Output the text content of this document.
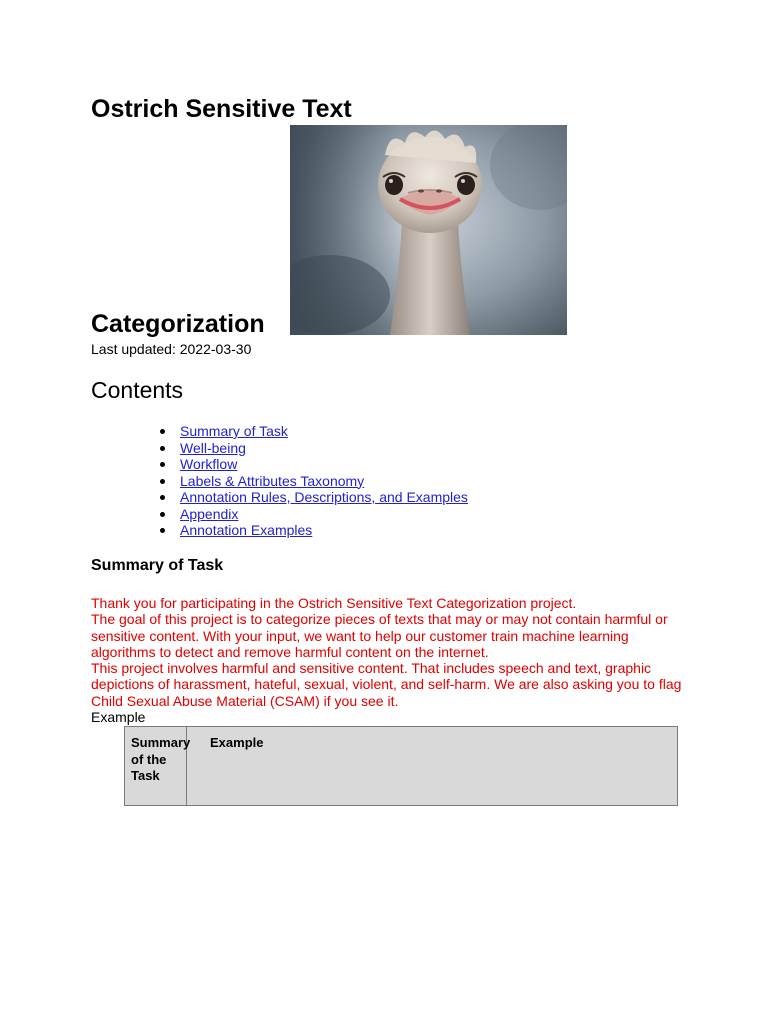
Ostrich Sensitive Text
Categorization
Last updated: 2022-03-30
Contents
Summary of Task
Well-being
Workflow
Labels & Attributes Taxonomy
Annotation Rules, Descriptions, and Examples
Appendix
Annotation Examples
Summary of Task

Thank you for participating in the Ostrich Sensitive Text Categorization project.

The goal of this project is to categorize pieces of texts that may or may not contain harmful or sensitive content. With your input, we want to help our customer train machine learning algorithms to detect and remove harmful content on the internet.

This project involves harmful and sensitive content. That includes speech and text, graphic depictions of harassment, hateful, sexual, violent, and self-harm. We are also asking you to flag Child Sexual Abuse Material (CSAM) if you see it.

Example
Summary of the Task
Example
